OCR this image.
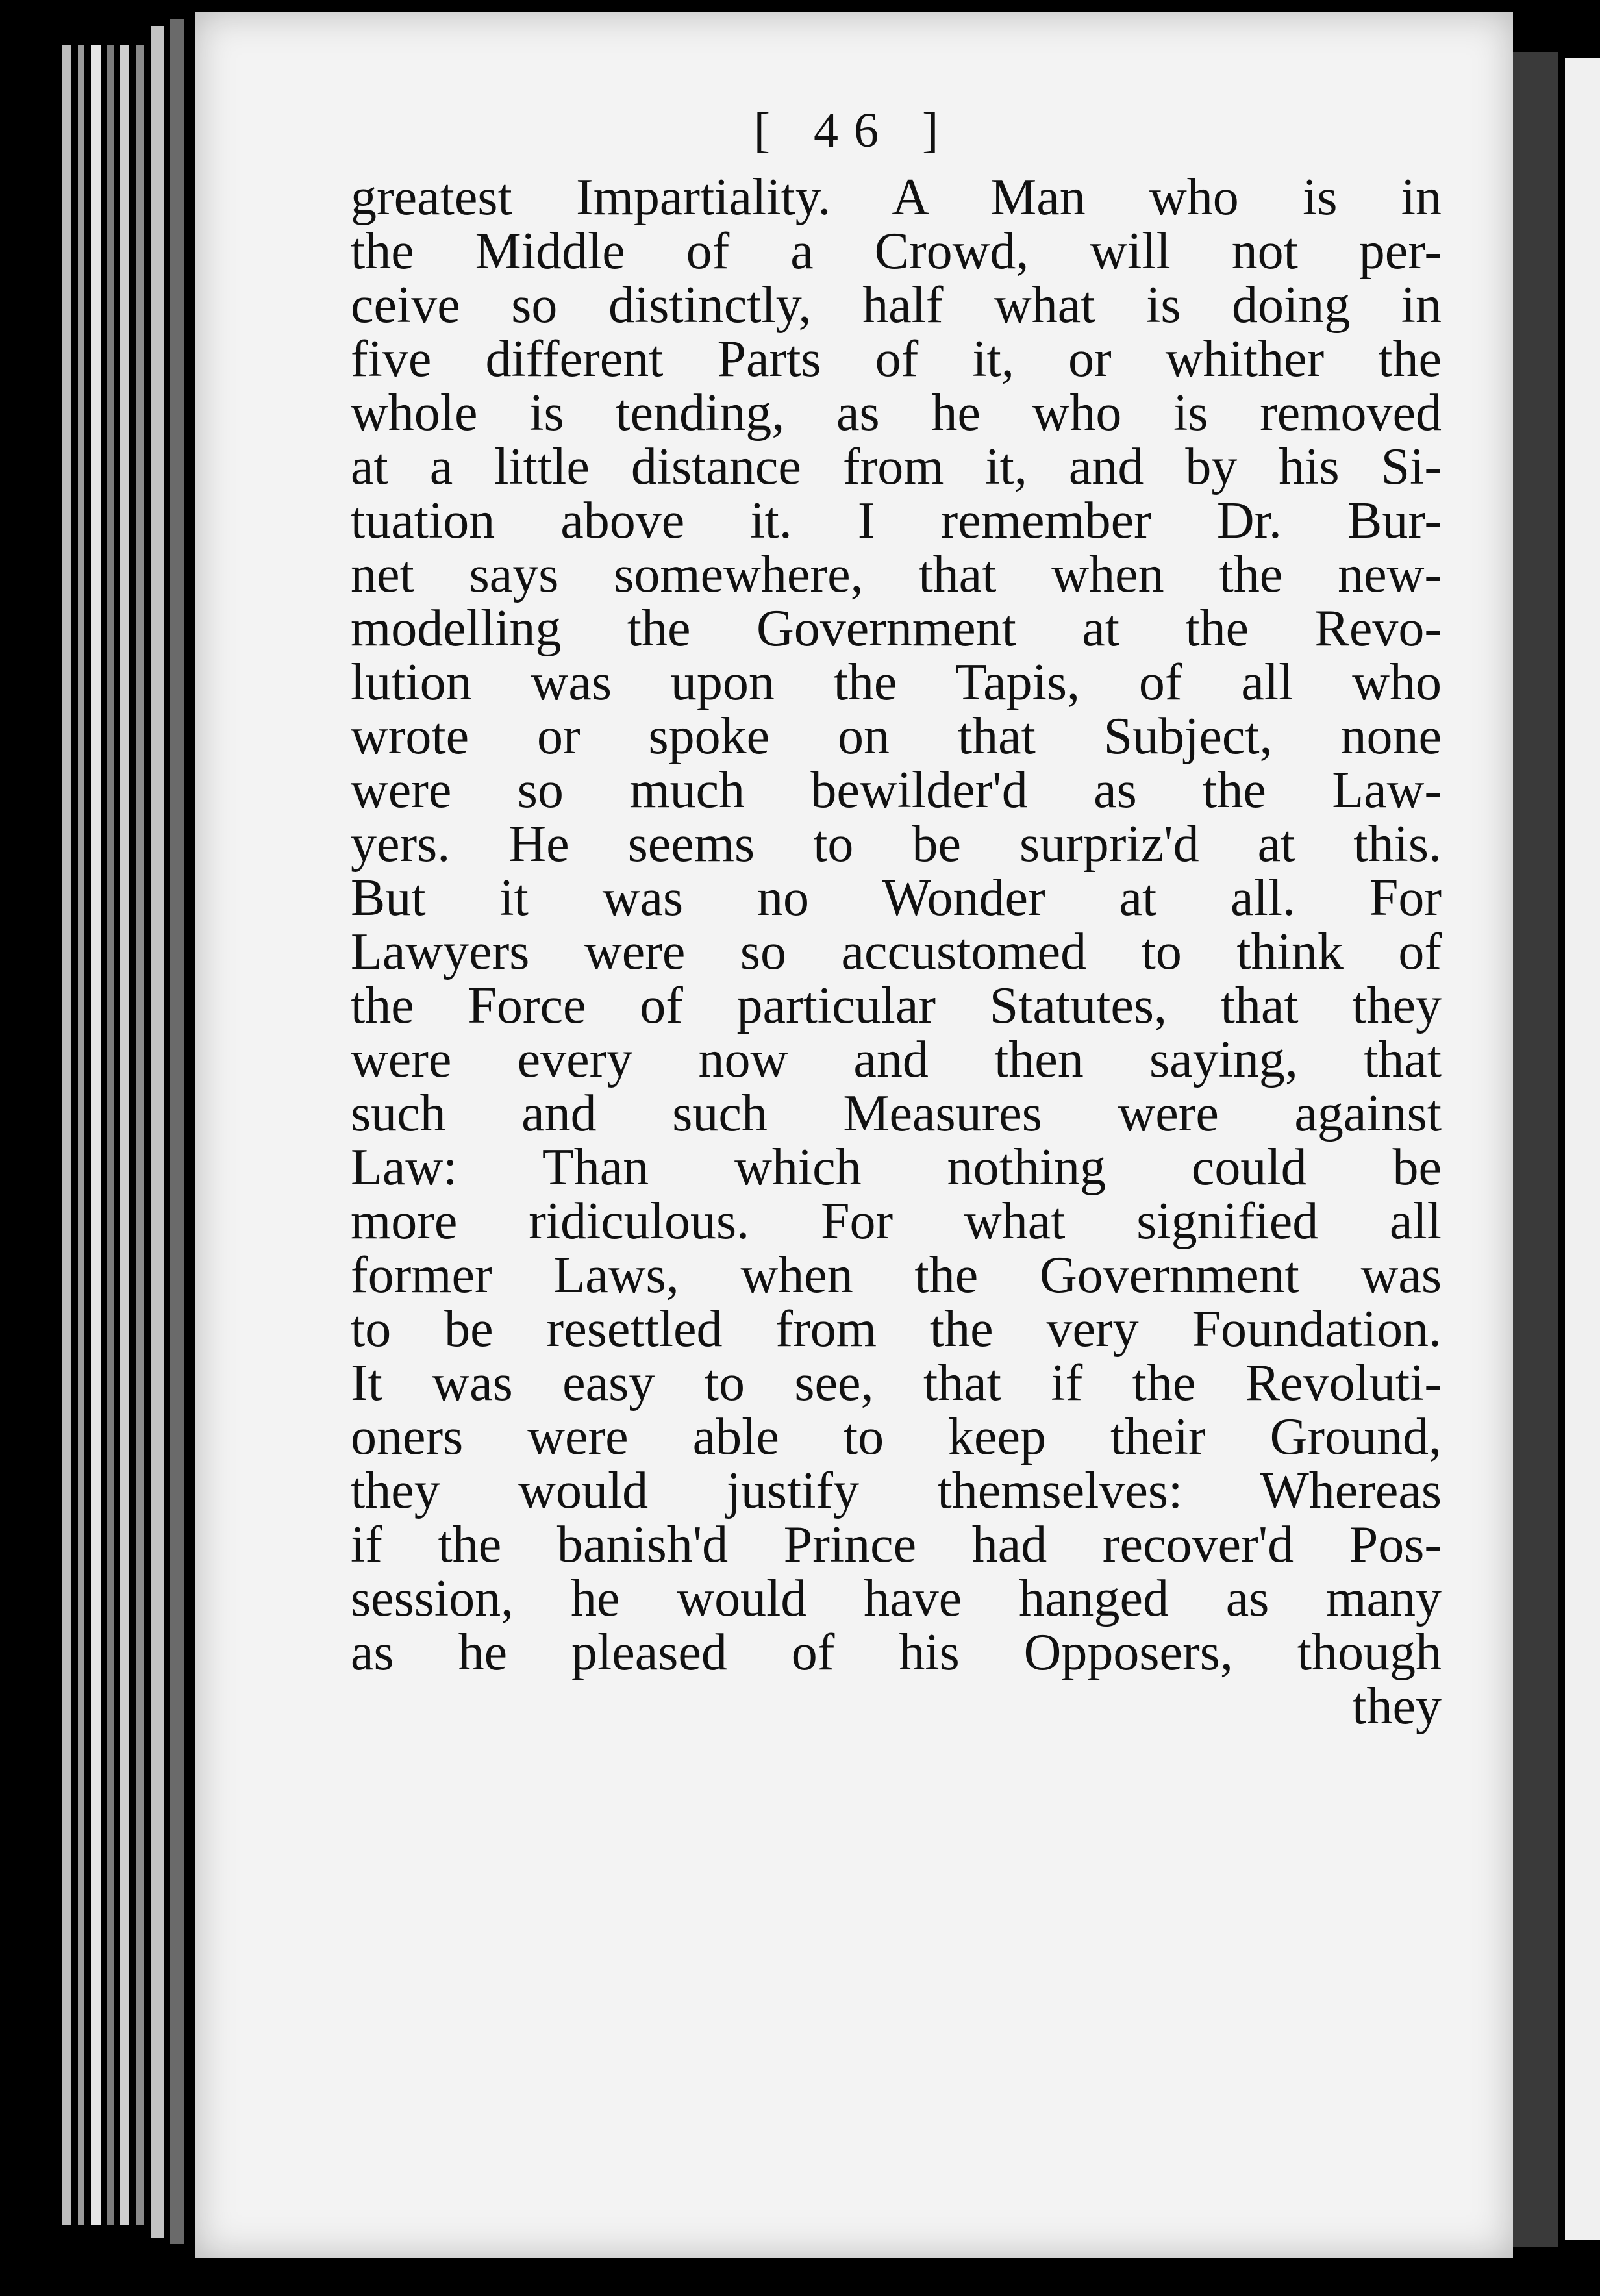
[ 46 ]
greatest Impartiality. A Man who is in
the Middle of a Crowd, will not per-
ceive so distinctly, half what is doing in
five different Parts of it, or whither the
whole is tending, as he who is removed
at a little distance from it, and by his Si-
tuation above it. I remember Dr. Bur-
net says somewhere, that when the new-
modelling the Government at the Revo-
lution was upon the Tapis, of all who
wrote or spoke on that Subject, none
were so much bewilder'd as the Law-
yers. He seems to be surpriz'd at this.
But it was no Wonder at all. For
Lawyers were so accustomed to think of
the Force of particular Statutes, that they
were every now and then saying, that
such and such Measures were against
Law: Than which nothing could be
more ridiculous. For what signified all
former Laws, when the Government was
to be resettled from the very Foundation.
It was easy to see, that if the Revoluti-
oners were able to keep their Ground,
they would justify themselves: Whereas
if the banish'd Prince had recover'd Pos-
session, he would have hanged as many
as he pleased of his Opposers, though
they
